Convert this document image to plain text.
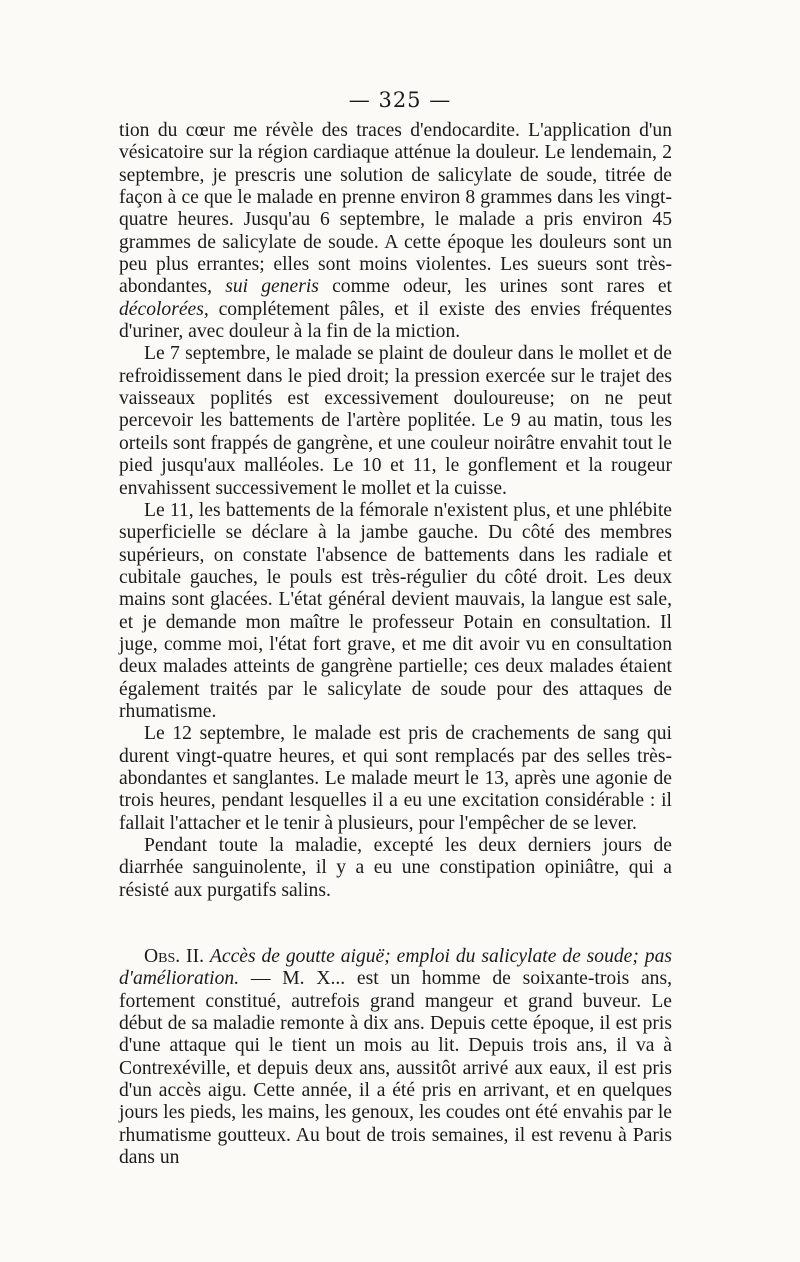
— 325 —

tion du cœur me révèle des traces d'endocardite. L'application d'un vésicatoire sur la région cardiaque atténue la douleur. Le lendemain, 2 septembre, je prescris une solution de salicylate de soude, titrée de façon à ce que le malade en prenne environ 8 grammes dans les vingt-quatre heures. Jusqu'au 6 septembre, le malade a pris environ 45 grammes de salicylate de soude. A cette époque les douleurs sont un peu plus errantes; elles sont moins violentes. Les sueurs sont très-abondantes, sui generis comme odeur, les urines sont rares et décolorées, complétement pâles, et il existe des envies fréquentes d'uriner, avec douleur à la fin de la miction.

Le 7 septembre, le malade se plaint de douleur dans le mollet et de refroidissement dans le pied droit; la pression exercée sur le trajet des vaisseaux poplités est excessivement douloureuse; on ne peut percevoir les battements de l'artère poplitée. Le 9 au matin, tous les orteils sont frappés de gangrène, et une couleur noirâtre envahit tout le pied jusqu'aux malléoles. Le 10 et 11, le gonflement et la rougeur envahissent successivement le mollet et la cuisse.

Le 11, les battements de la fémorale n'existent plus, et une phlébite superficielle se déclare à la jambe gauche. Du côté des membres supérieurs, on constate l'absence de battements dans les radiale et cubitale gauches, le pouls est très-régulier du côté droit. Les deux mains sont glacées. L'état général devient mauvais, la langue est sale, et je demande mon maître le professeur Potain en consultation. Il juge, comme moi, l'état fort grave, et me dit avoir vu en consultation deux malades atteints de gangrène partielle; ces deux malades étaient également traités par le salicylate de soude pour des attaques de rhumatisme.

Le 12 septembre, le malade est pris de crachements de sang qui durent vingt-quatre heures, et qui sont remplacés par des selles très-abondantes et sanglantes. Le malade meurt le 13, après une agonie de trois heures, pendant lesquelles il a eu une excitation considérable : il fallait l'attacher et le tenir à plusieurs, pour l'empêcher de se lever.

Pendant toute la maladie, excepté les deux derniers jours de diarrhée sanguinolente, il y a eu une constipation opiniâtre, qui a résisté aux purgatifs salins.

Obs. II. Accès de goutte aiguë; emploi du salicylate de soude; pas d'amélioration. — M. X... est un homme de soixante-trois ans, fortement constitué, autrefois grand mangeur et grand buveur. Le début de sa maladie remonte à dix ans. Depuis cette époque, il est pris d'une attaque qui le tient un mois au lit. Depuis trois ans, il va à Contrexéville, et depuis deux ans, aussitôt arrivé aux eaux, il est pris d'un accès aigu. Cette année, il a été pris en arrivant, et en quelques jours les pieds, les mains, les genoux, les coudes ont été envahis par le rhumatisme goutteux. Au bout de trois semaines, il est revenu à Paris dans un
